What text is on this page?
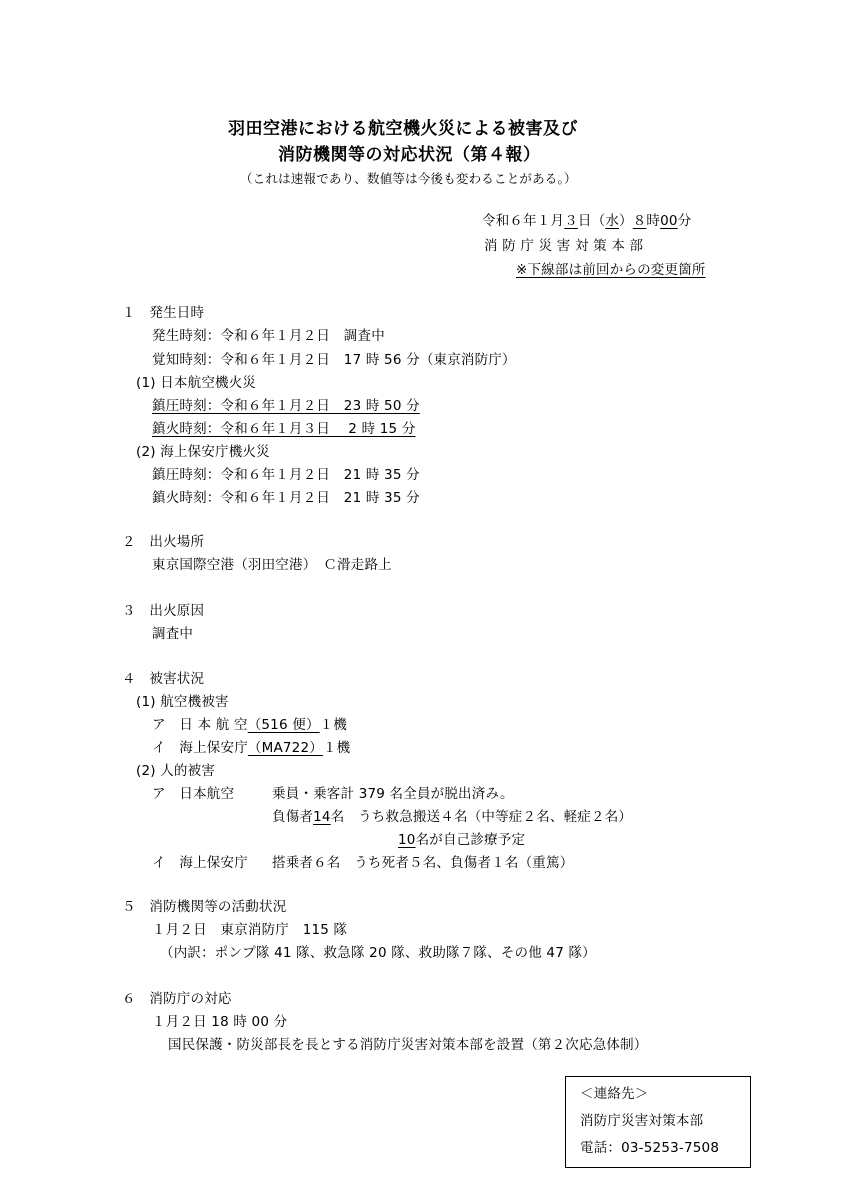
羽田空港における航空機火災による被害及び
消防機関等の対応状況（第４報）
（これは速報であり、数値等は今後も変わることがある。）
令和６年１月３日（水）８時00分
消 防 庁 災 害 対 策 本 部
※下線部は前回からの変更箇所
１　発生日時
発生時刻：令和６年１月２日　調査中
覚知時刻：令和６年１月２日　17 時 56 分（東京消防庁）
(1) 日本航空機火災
鎮圧時刻：令和６年１月２日　23 時 50 分
鎮火時刻：令和６年１月３日　 2 時 15 分
(2) 海上保安庁機火災
鎮圧時刻：令和６年１月２日　21 時 35 分
鎮火時刻：令和６年１月２日　21 時 35 分
２　出火場所
東京国際空港（羽田空港）　Ｃ滑走路上
３　出火原因
調査中
４　被害状況
(1) 航空機被害
ア　日 本 航 空（516 便）１機
イ　海上保安庁（MA722）１機
(2) 人的被害
ア　日本航空	乗員・乗客計 379 名全員が脱出済み。
負傷者14名　うち救急搬送４名（中等症２名、軽症２名）
10名が自己診療予定
イ　海上保安庁 搭乗者６名　うち死者５名、負傷者１名（重篤）
５　消防機関等の活動状況
１月２日　東京消防庁　115 隊
（内訳：ポンプ隊 41 隊、救急隊 20 隊、救助隊７隊、その他 47 隊）
６　消防庁の対応
１月２日 18 時 00 分
国民保護・防災部長を長とする消防庁災害対策本部を設置（第２次応急体制）
＜連絡先＞
消防庁災害対策本部
電話：03-5253-7508
